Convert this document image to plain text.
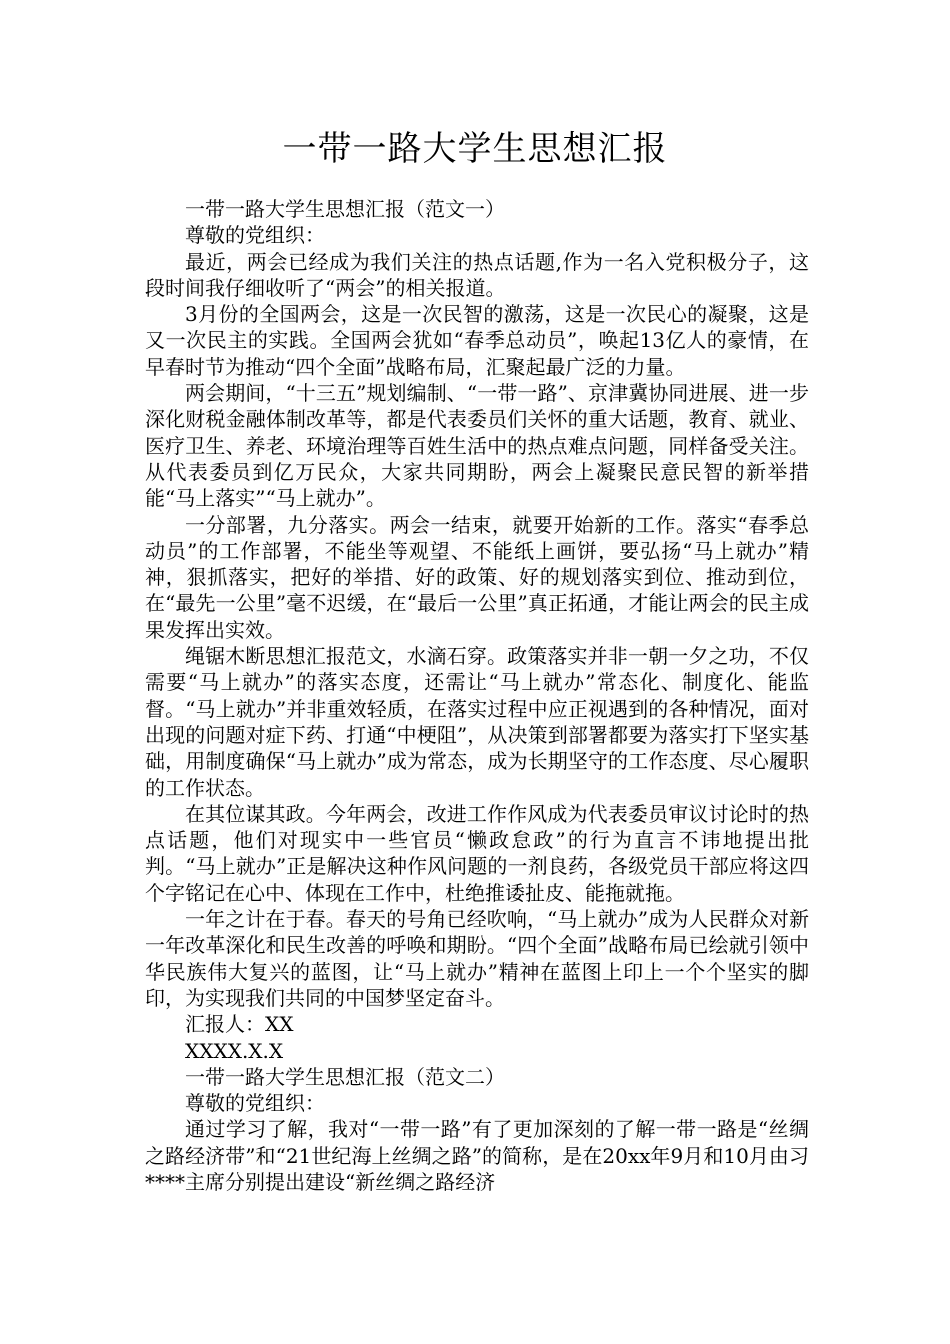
一带一路大学生思想汇报

一带一路大学生思想汇报（范文一）

尊敬的党组织：

最近，两会已经成为我们关注的热点话题,作为一名入党积极分子，这段时间我仔细收听了“两会”的相关报道。

3月份的全国两会，这是一次民智的激荡，这是一次民心的凝聚，这是又一次民主的实践。全国两会犹如“春季总动员”，唤起13亿人的豪情，在早春时节为推动“四个全面”战略布局，汇聚起最广泛的力量。

两会期间，“十三五”规划编制、“一带一路”、京津冀协同进展、进一步深化财税金融体制改革等，都是代表委员们关怀的重大话题，教育、就业、医疗卫生、养老、环境治理等百姓生活中的热点难点问题，同样备受关注。从代表委员到亿万民众，大家共同期盼，两会上凝聚民意民智的新举措能“马上落实”“马上就办”。

一分部署，九分落实。两会一结束，就要开始新的工作。落实“春季总动员”的工作部署，不能坐等观望、不能纸上画饼，要弘扬“马上就办”精神，狠抓落实，把好的举措、好的政策、好的规划落实到位、推动到位，在“最先一公里”毫不迟缓，在“最后一公里”真正拓通，才能让两会的民主成果发挥出实效。

绳锯木断思想汇报范文，水滴石穿。政策落实并非一朝一夕之功，不仅需要“马上就办”的落实态度，还需让“马上就办”常态化、制度化、能监督。“马上就办”并非重效轻质，在落实过程中应正视遇到的各种情况，面对出现的问题对症下药、打通“中梗阻”，从决策到部署都要为落实打下坚实基础，用制度确保“马上就办”成为常态，成为长期坚守的工作态度、尽心履职的工作状态。

在其位谋其政。今年两会，改进工作作风成为代表委员审议讨论时的热点话题，他们对现实中一些官员“懒政怠政”的行为直言不讳地提出批判。“马上就办”正是解决这种作风问题的一剂良药，各级党员干部应将这四个字铭记在心中、体现在工作中，杜绝推诿扯皮、能拖就拖。

一年之计在于春。春天的号角已经吹响，“马上就办”成为人民群众对新一年改革深化和民生改善的呼唤和期盼。“四个全面”战略布局已绘就引领中华民族伟大复兴的蓝图，让“马上就办”精神在蓝图上印上一个个坚实的脚印，为实现我们共同的中国梦坚定奋斗。

汇报人：XX

XXXX.X.X

一带一路大学生思想汇报（范文二）

尊敬的党组织：

通过学习了解，我对“一带一路”有了更加深刻的了解一带一路是“丝绸之路经济带”和“21世纪海上丝绸之路”的简称，是在20xx年9月和10月由习****主席分别提出建设“新丝绸之路经济
